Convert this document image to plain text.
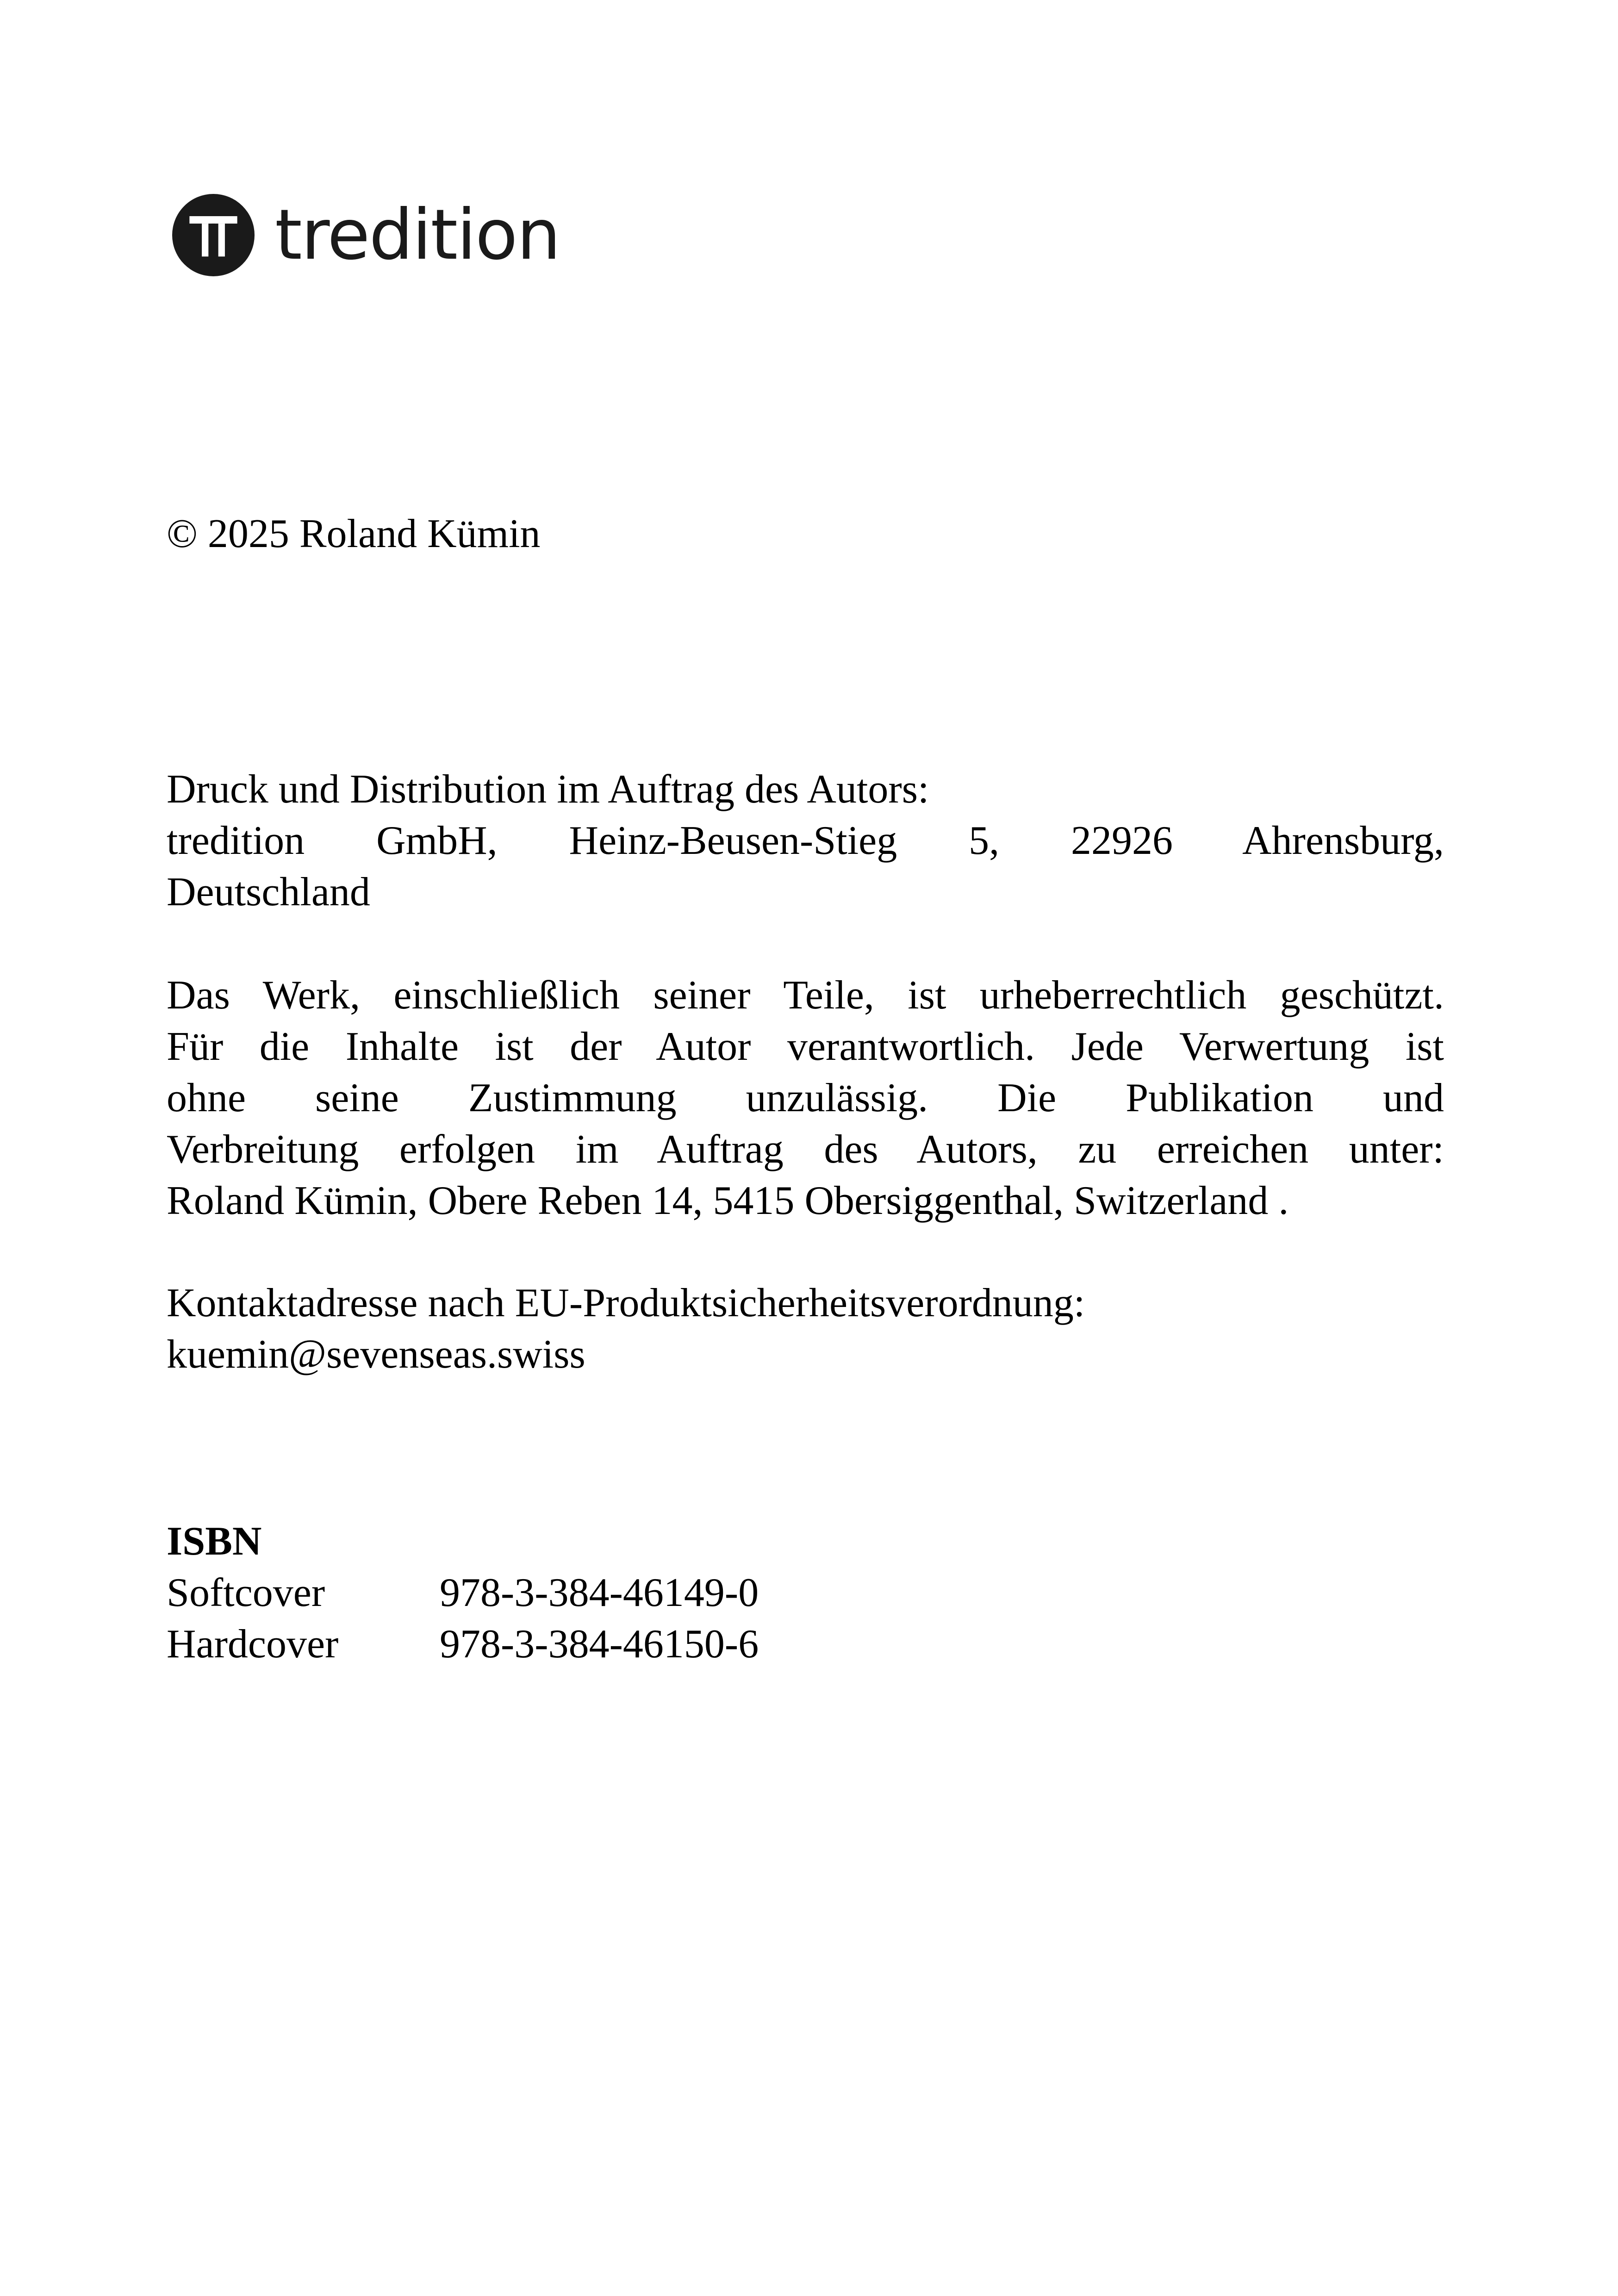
tredition
© 2025 Roland Kümin
Druck und Distribution im Auftrag des Autors:
tredition GmbH, Heinz-Beusen-Stieg 5, 22926 Ahrensburg,
Deutschland
Das Werk, einschließlich seiner Teile, ist urheberrechtlich geschützt.
Für die Inhalte ist der Autor verantwortlich. Jede Verwertung ist
ohne seine Zustimmung unzulässig. Die Publikation und
Verbreitung erfolgen im Auftrag des Autors, zu erreichen unter:
Roland Kümin, Obere Reben 14, 5415 Obersiggenthal, Switzerland .
Kontaktadresse nach EU-Produktsicherheitsverordnung:
kuemin@sevenseas.swiss
ISBN
Softcover	978-3-384-46149-0
Hardcover	978-3-384-46150-6
